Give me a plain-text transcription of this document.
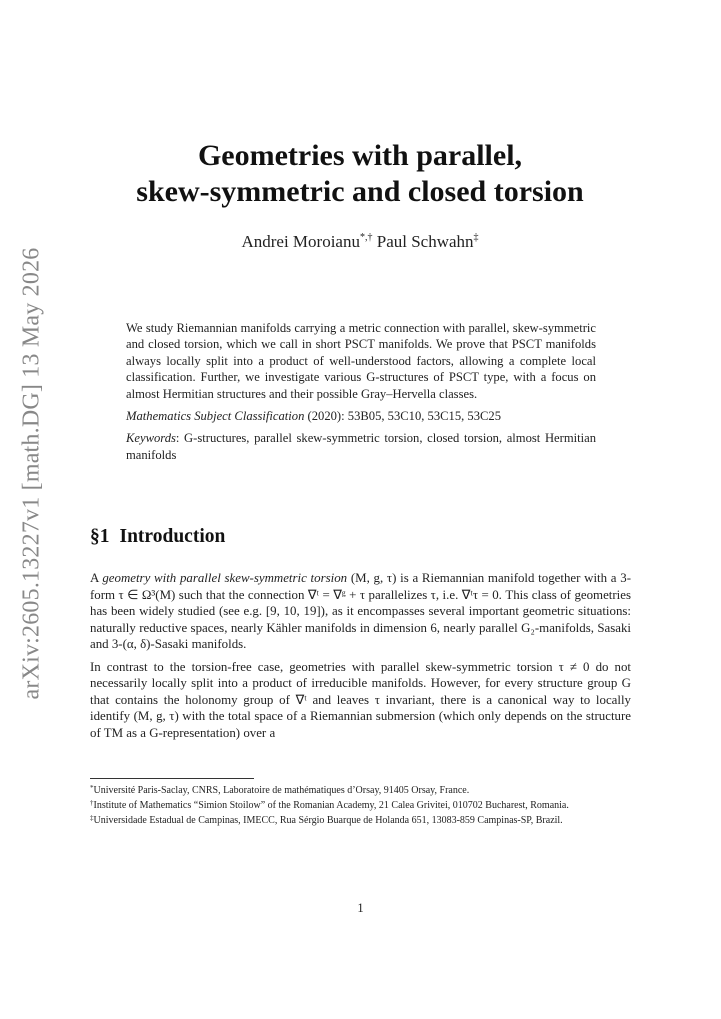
arXiv:2605.13227v1 [math.DG] 13 May 2026
Geometries with parallel,
skew-symmetric and closed torsion
Andrei Moroianu*,† Paul Schwahn‡

We study Riemannian manifolds carrying a metric connection with parallel, skew-symmetric and closed torsion, which we call in short PSCT manifolds. We prove that PSCT manifolds always locally split into a product of well-understood factors, allowing a complete local classification. Further, we investigate various G-structures of PSCT type, with a focus on almost Hermitian structures and their possible Gray–Hervella classes.

Mathematics Subject Classification (2020): 53B05, 53C10, 53C15, 53C25

Keywords: G-structures, parallel skew-symmetric torsion, closed torsion, almost Hermitian manifolds

§1 Introduction

A geometry with parallel skew-symmetric torsion (M, g, τ) is a Riemannian manifold together with a 3-form τ ∈ Ω³(M) such that the connection ∇ᵗ = ∇ᵍ + τ parallelizes τ, i.e. ∇ᵗτ = 0. This class of geometries has been widely studied (see e.g. [9, 10, 19]), as it encompasses several important geometric situations: naturally reductive spaces, nearly Kähler manifolds in dimension 6, nearly parallel G₂-manifolds, Sasaki and 3-(α, δ)-Sasaki manifolds.

In contrast to the torsion-free case, geometries with parallel skew-symmetric torsion τ ≠ 0 do not necessarily locally split into a product of irreducible manifolds. However, for every structure group G that contains the holonomy group of ∇ᵗ and leaves τ invariant, there is a canonical way to locally identify (M, g, τ) with the total space of a Riemannian submersion (which only depends on the structure of TM as a G-representation) over a

*Université Paris-Saclay, CNRS, Laboratoire de mathématiques d’Orsay, 91405 Orsay, France.
†Institute of Mathematics “Simion Stoilow” of the Romanian Academy, 21 Calea Grivitei, 010702 Bucharest, Romania.
‡Universidade Estadual de Campinas, IMECC, Rua Sérgio Buarque de Holanda 651, 13083-859 Campinas-SP, Brazil.
1
